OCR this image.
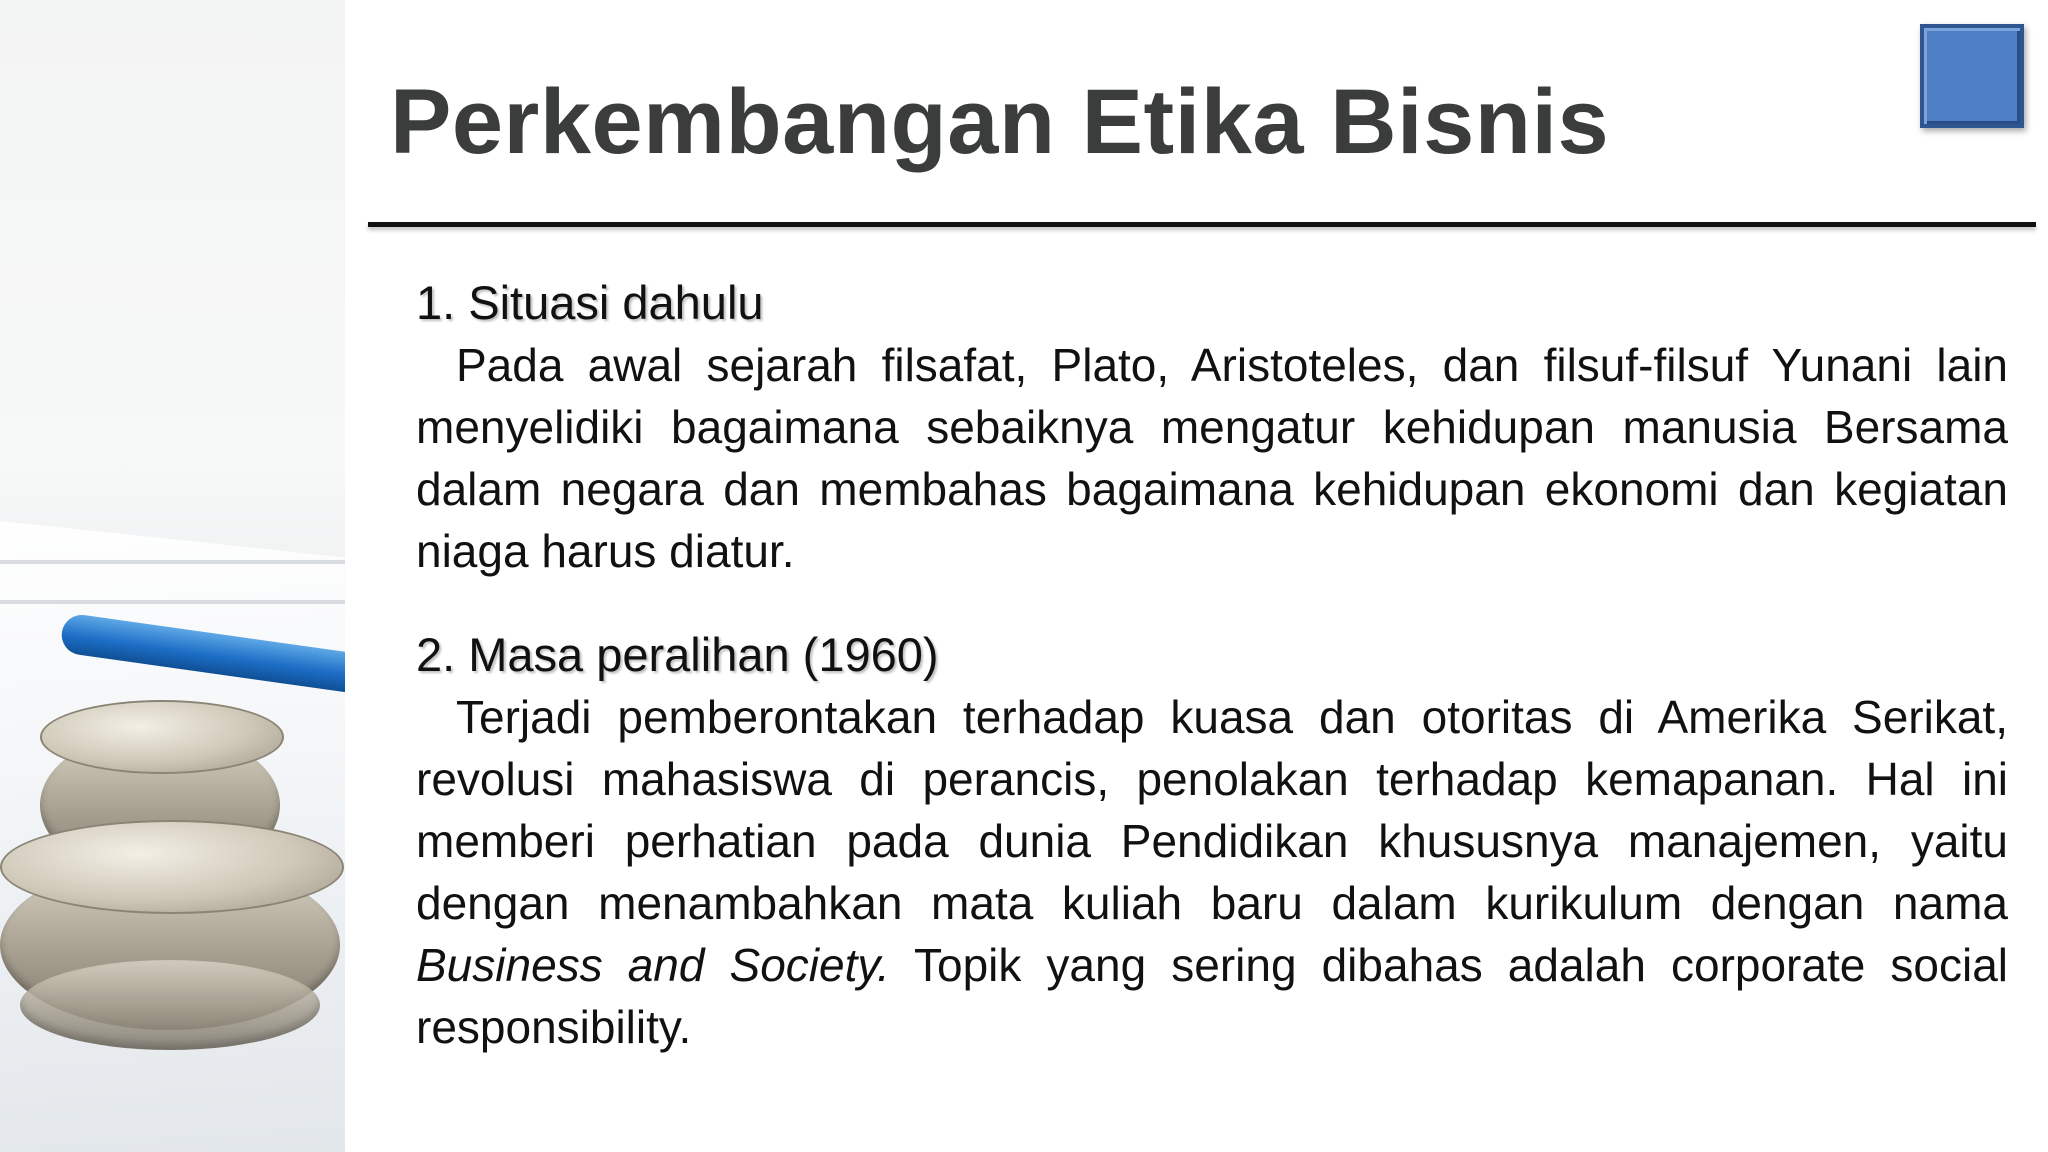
Perkembangan Etika Bisnis

1. Situasi dahulu

Pada awal sejarah filsafat, Plato, Aristoteles, dan filsuf-filsuf Yunani lain menyelidiki bagaimana sebaiknya mengatur kehidupan manusia Bersama dalam negara dan membahas bagaimana kehidupan ekonomi dan kegiatan niaga harus diatur.

2. Masa peralihan (1960)

Terjadi pemberontakan terhadap kuasa dan otoritas di Amerika Serikat, revolusi mahasiswa di perancis, penolakan terhadap kemapanan. Hal ini memberi perhatian pada dunia Pendidikan khususnya manajemen, yaitu dengan menambahkan mata kuliah baru dalam kurikulum dengan nama Business and Society. Topik yang sering dibahas adalah corporate social responsibility.
